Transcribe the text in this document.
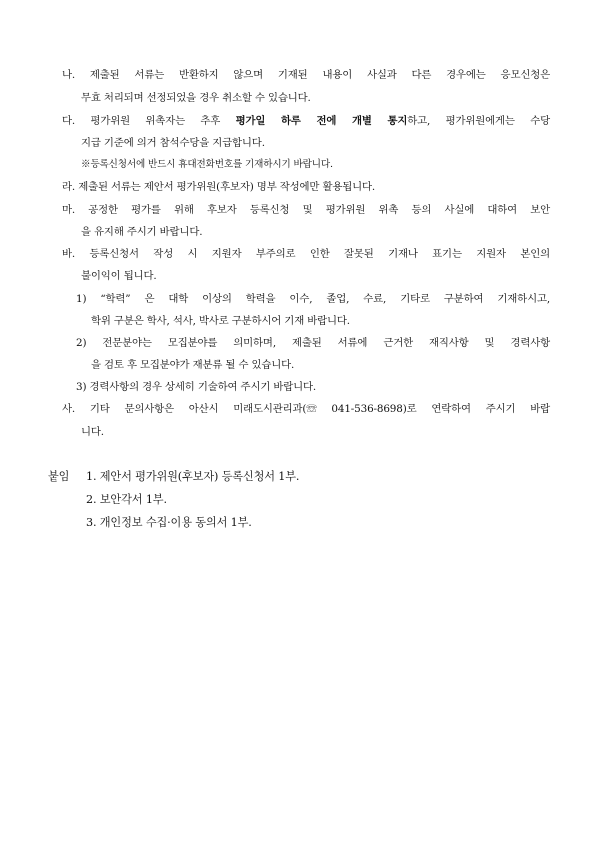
나. 제출된 서류는 반환하지 않으며 기재된 내용이 사실과 다른 경우에는 응모신청은
무효 처리되며 선정되었을 경우 취소할 수 있습니다.
다. 평가위원 위촉자는 추후 평가일 하루 전에 개별 통지하고, 평가위원에게는 수당
지급 기준에 의거 참석수당을 지급합니다.
※등록신청서에 반드시 휴대전화번호를 기재하시기 바랍니다.
라. 제출된 서류는 제안서 평가위원(후보자) 명부 작성에만 활용됩니다.
마. 공정한 평가를 위해 후보자 등록신청 및 평가위원 위촉 등의 사실에 대하여 보안
을 유지해 주시기 바랍니다.
바. 등록신청서 작성 시 지원자 부주의로 인한 잘못된 기재나 표기는 지원자 본인의
불이익이 됩니다.
1) “학력” 은 대학 이상의 학력을 이수, 졸업, 수료, 기타로 구분하여 기재하시고,
학위 구분은 학사, 석사, 박사로 구분하시어 기재 바랍니다.
2) 전문분야는 모집분야를 의미하며, 제출된 서류에 근거한 재직사항 및 경력사항
을 검토 후 모집분야가 재분류 될 수 있습니다.
3) 경력사항의 경우 상세히 기술하여 주시기 바랍니다.
사. 기타 문의사항은 아산시 미래도시관리과(☏ 041-536-8698)로 연락하여 주시기 바랍
니다.
붙임 1. 제안서 평가위원(후보자) 등록신청서 1부.
2. 보안각서 1부.
3. 개인정보 수집·이용 동의서 1부.
